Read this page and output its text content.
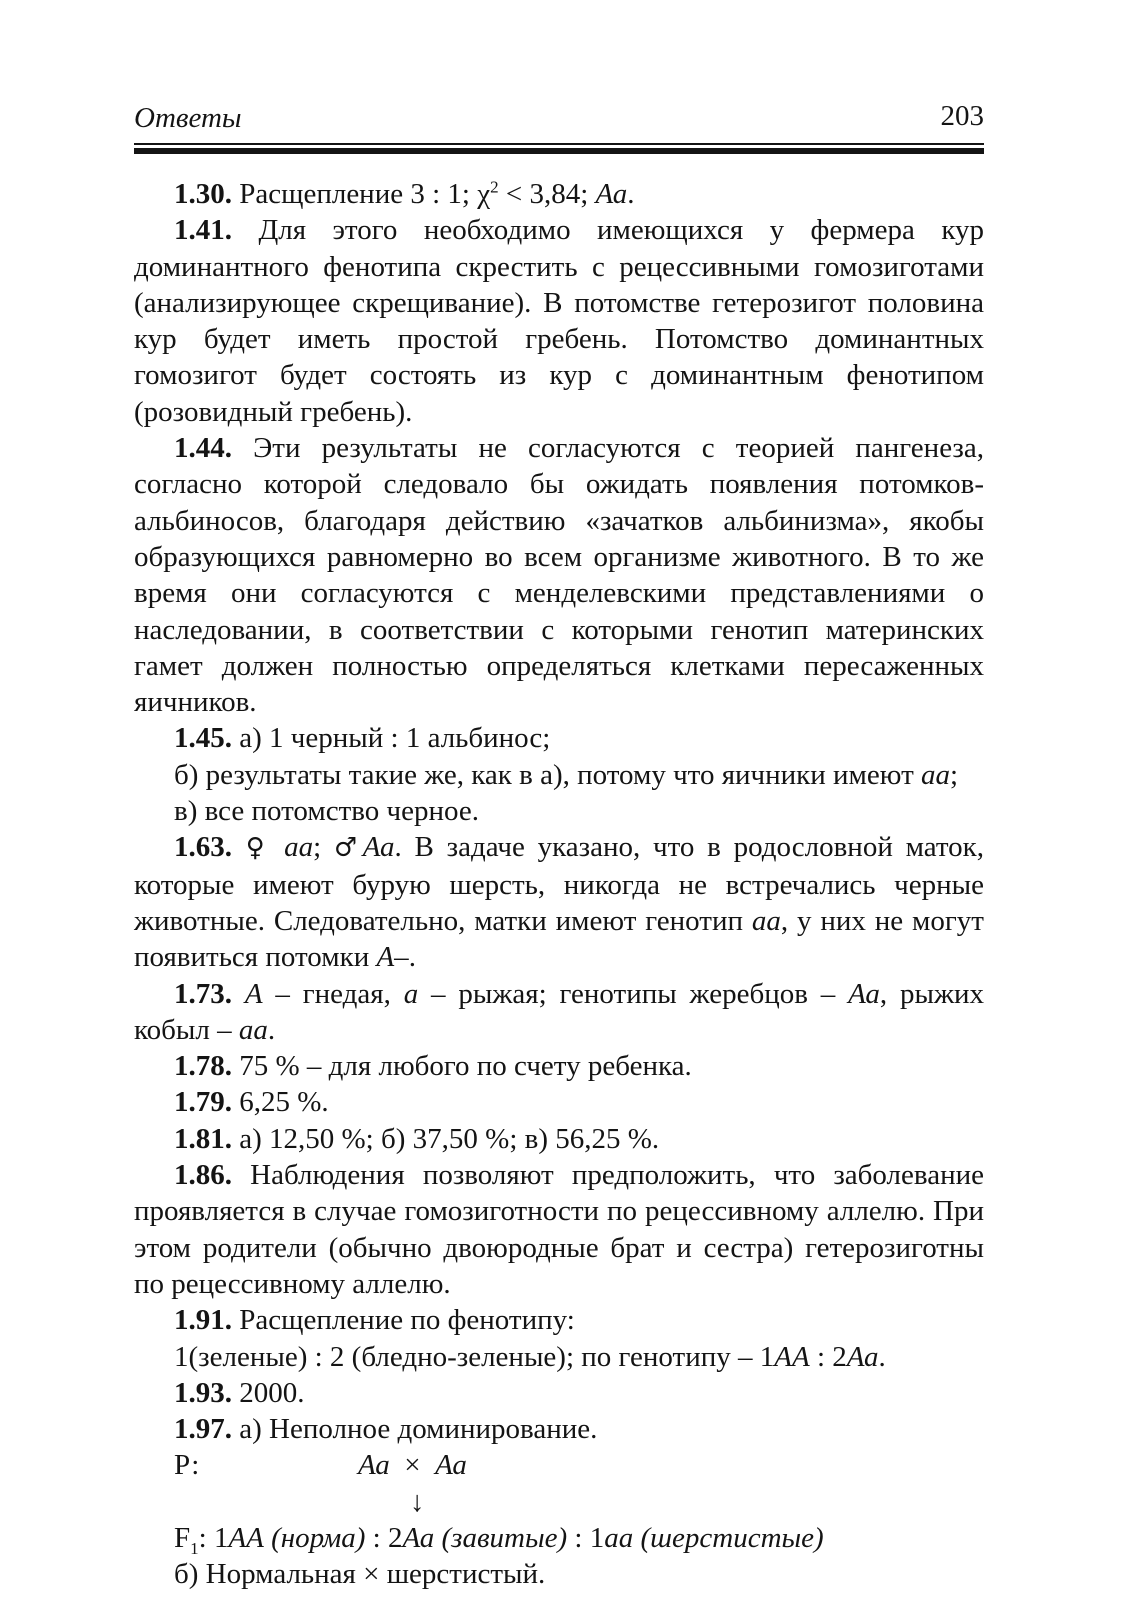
Ответы	203

1.30. Расщепление 3 : 1; $\chi^2 < 3,84$; Аа.

1.41. Для этого необходимо имеющихся у фермера кур доминантного фенотипа скрестить с рецессивными гомозиготами (анализирующее скрещивание). В потомстве гетерозигот половина кур будет иметь простой гребень. Потомство доминантных гомозигот будет состоять из кур с доминантным фенотипом (розовидный гребень).

1.44. Эти результаты не согласуются с теорией пангенеза, согласно которой следовало бы ожидать появления потомков-альбиносов, благодаря действию «зачатков альбинизма», якобы образующихся равномерно во всем организме животного. В то же время они согласуются с менделевскими представлениями о наследовании, в соответствии с которыми генотип материнских гамет должен полностью определяться клетками пересаженных яичников.

1.45. а) 1 черный : 1 альбинос;

б) результаты такие же, как в а), потому что яичники имеют аа;

в) все потомство черное.

1.63. ♀ аа; ♂Аа. В задаче указано, что в родословной маток, которые имеют бурую шерсть, никогда не встречались черные животные. Следовательно, матки имеют генотип аа, у них не могут появиться потомки А–.

1.73. А – гнедая, а – рыжая; генотипы жеребцов – Аа, рыжих кобыл – аа.

1.78. 75 % – для любого по счету ребенка.

1.79. 6,25 %.

1.81. а) 12,50 %; б) 37,50 %; в) 56,25 %.

1.86. Наблюдения позволяют предположить, что заболевание проявляется в случае гомозиготности по рецессивному аллелю. При этом родители (обычно двоюродные брат и сестра) гетерозиготны по рецессивному аллелю.

1.91. Расщепление по фенотипу:

1(зеленые) : 2 (бледно-зеленые); по генотипу – 1АА : 2Аа.

1.93. 2000.

1.97. а) Неполное доминирование.

Р:	Аа × Аа
↓

$F_1$: 1АА (норма) : 2Аа (завитые) : 1аа (шерстистые)

б) Нормальная × шерстистый.
